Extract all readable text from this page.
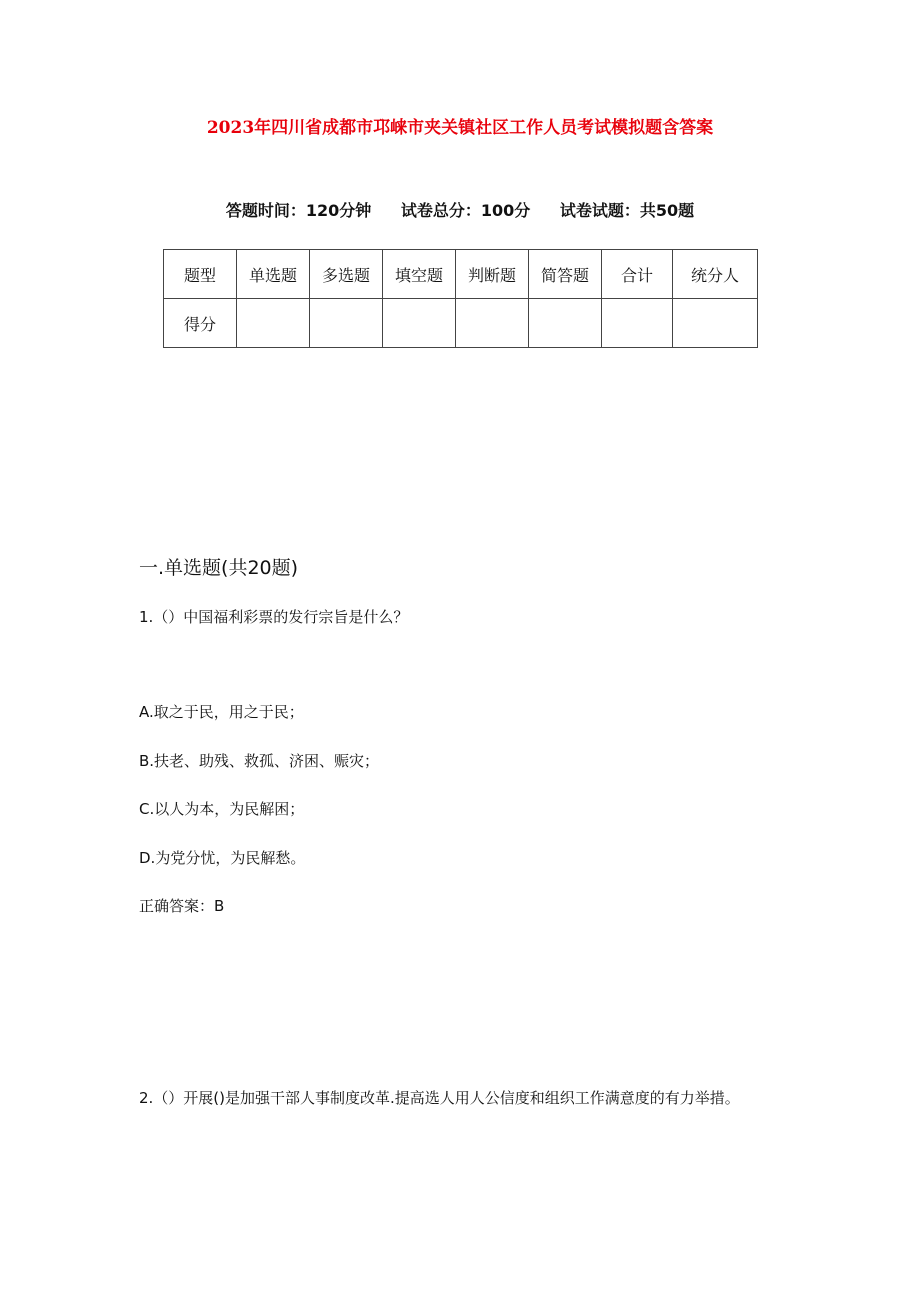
2023年四川省成都市邛崃市夹关镇社区工作人员考试模拟题含答案
答题时间：120分钟 试卷总分：100分 试卷试题：共50题
题型	单选题	多选题	填空题	判断题	简答题	合计	统分人
得分							
一.单选题(共20题)
1.（）中国福利彩票的发行宗旨是什么？
A.取之于民，用之于民；
B.扶老、助残、救孤、济困、赈灾；
C.以人为本，为民解困；
D.为党分忧，为民解愁。
正确答案：B
2.（）开展()是加强干部人事制度改革.提高选人用人公信度和组织工作满意度的有力举措。
